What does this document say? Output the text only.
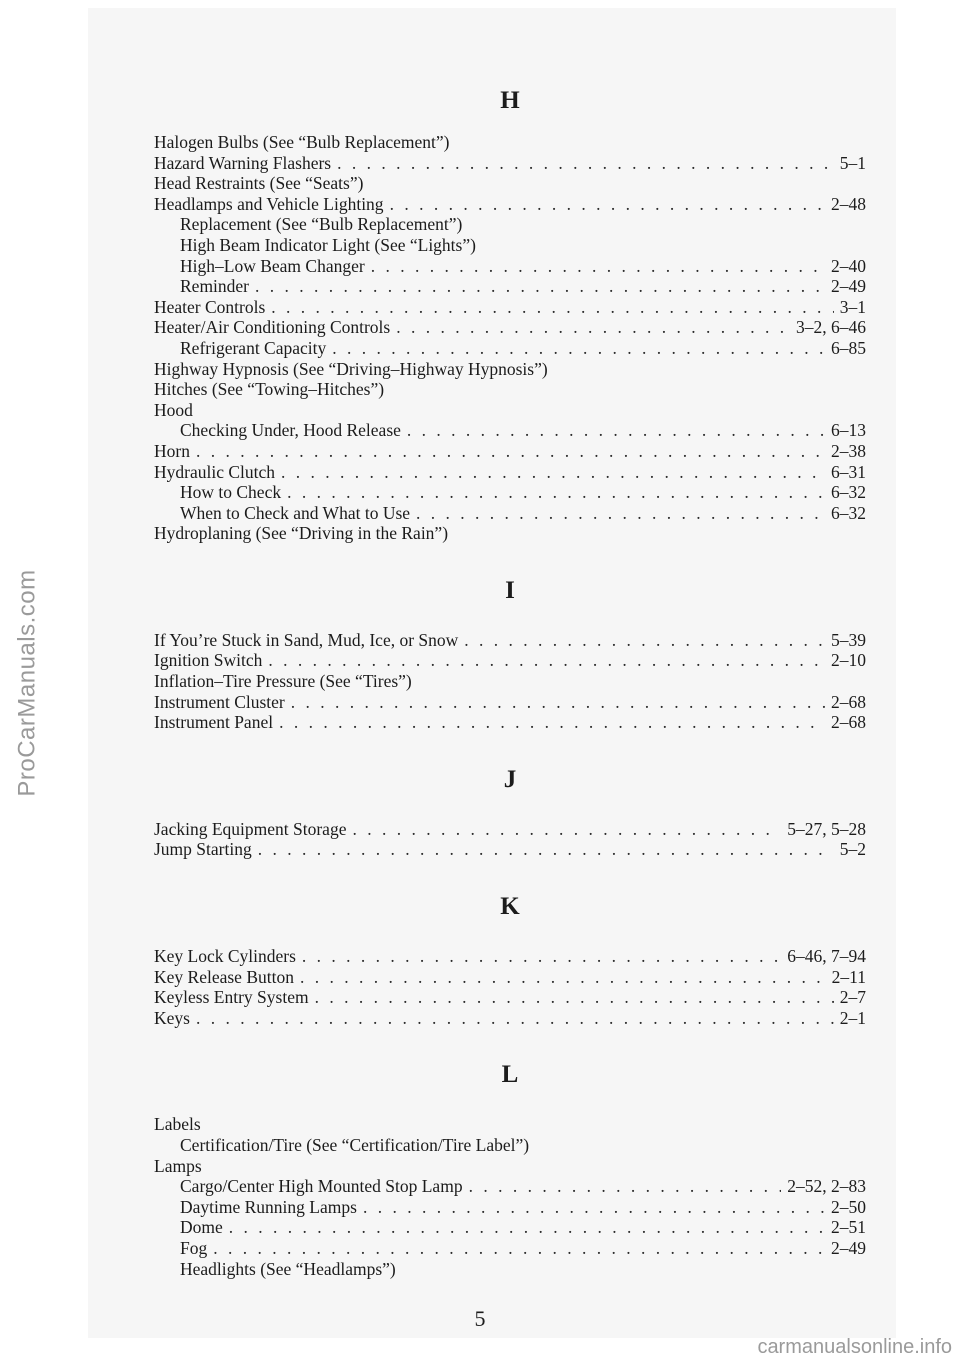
ProCarManuals.com
H
Halogen Bulbs (See “Bulb Replacement”)
Hazard Warning Flashers . . .	5–1
Head Restraints (See “Seats”)
Headlamps and Vehicle Lighting . . .	2–48
Replacement (See “Bulb Replacement”)
High Beam Indicator Light (See “Lights”)
High–Low Beam Changer . . .	2–40
Reminder . . .	2–49
Heater Controls . . .	3–1
Heater/Air Conditioning Controls . . .	3–2, 6–46
Refrigerant Capacity . . .	6–85
Highway Hypnosis (See “Driving–Highway Hypnosis”)
Hitches (See “Towing–Hitches”)
Hood
Checking Under, Hood Release . . .	6–13
Horn . . .	2–38
Hydraulic Clutch . . .	6–31
How to Check . . .	6–32
When to Check and What to Use . . .	6–32
Hydroplaning (See “Driving in the Rain”)
I
If You’re Stuck in Sand, Mud, Ice, or Snow . . .	5–39
Ignition Switch . . .	2–10
Inflation–Tire Pressure (See “Tires”)
Instrument Cluster . . .	2–68
Instrument Panel . . .	2–68
J
Jacking Equipment Storage . . .	5–27, 5–28
Jump Starting . . .	5–2
K
Key Lock Cylinders . . .	6–46, 7–94
Key Release Button . . .	2–11
Keyless Entry System . . .	2–7
Keys . . .	2–1
L
Labels
Certification/Tire (See “Certification/Tire Label”)
Lamps
Cargo/Center High Mounted Stop Lamp . . .	2–52, 2–83
Daytime Running Lamps . . .	2–50
Dome . . .	2–51
Fog . . .	2–49
Headlights (See “Headlamps”)
5
carmanualsonline.info
